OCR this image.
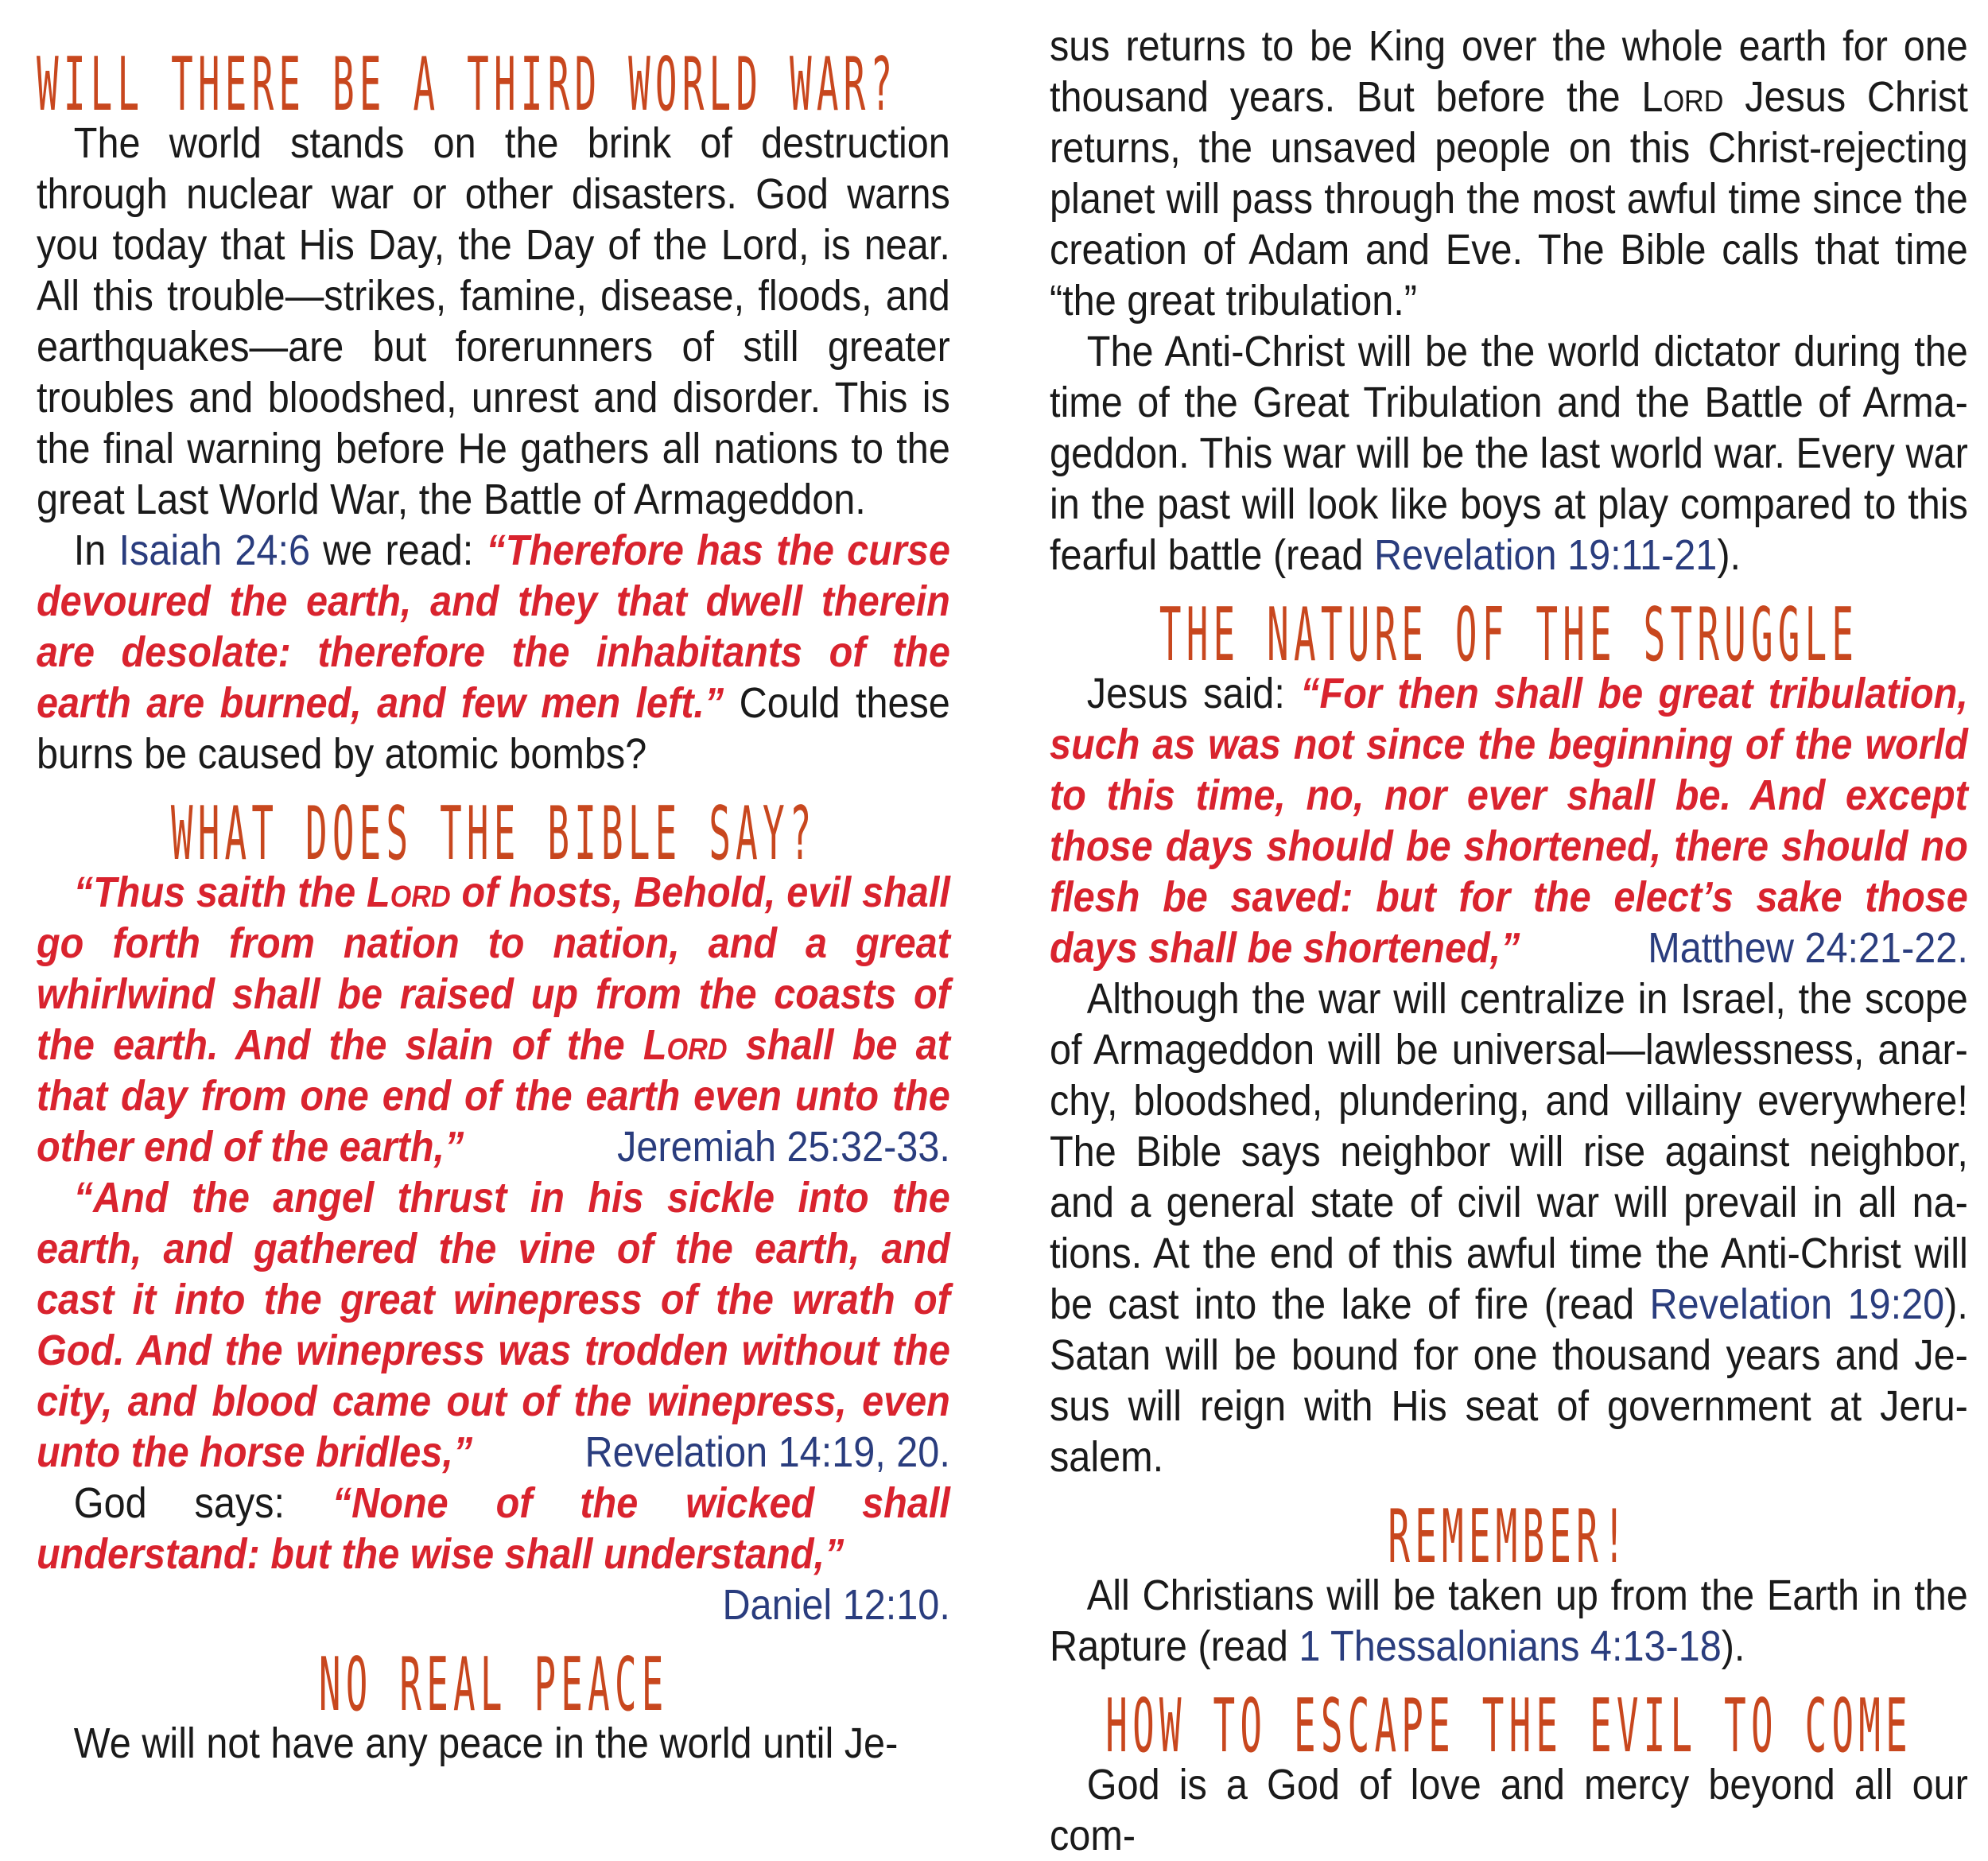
WILL THERE BE A THIRD WORLD WAR?

The world stands on the brink of destruction through nuclear war or other disasters. God warns you today that His Day, the Day of the Lord, is near. All this trouble—strikes, famine, disease, floods, and earthquakes—are but forerunners of still greater troubles and bloodshed, unrest and disorder. This is the final warning before He gathers all nations to the great Last World War, the Battle of Armageddon.

In Isaiah 24:6 we read: “Therefore has the curse devoured the earth, and they that dwell therein are desolate: therefore the inhabitants of the earth are burned, and few men left.” Could these burns be caused by atomic bombs?

WHAT DOES THE BIBLE SAY?

“Thus saith the Lord of hosts, Behold, evil shall go forth from nation to nation, and a great whirlwind shall be raised up from the coasts of the earth. And the slain of the Lord shall be at that day from one end of the earth even unto the other end of the earth,”	Jeremiah 25:32-33.

“And the angel thrust in his sickle into the earth, and gathered the vine of the earth, and cast it into the great winepress of the wrath of God. And the winepress was trodden without the city, and blood came out of the winepress, even unto the horse bridles,”	Revelation 14:19, 20.

God says: “None of the wicked shall understand: but the wise shall understand,”

Daniel 12:10.

NO REAL PEACE

We will not have any peace in the world until Je-

sus returns to be King over the whole earth for one thousand years. But before the Lord Jesus Christ returns, the unsaved people on this Christ-rejecting planet will pass through the most awful time since the creation of Adam and Eve. The Bible calls that time “the great tribulation.”

The Anti-Christ will be the world dictator during the time of the Great Tribulation and the Battle of Arma-geddon. This war will be the last world war. Every war in the past will look like boys at play compared to this fearful battle (read Revelation 19:11-21).

THE NATURE OF THE STRUGGLE

Jesus said: “For then shall be great tribulation, such as was not since the beginning of the world to this time, no, nor ever shall be. And except those days should be shortened, there should no flesh be saved: but for the elect’s sake those days shall be shortened,”	Matthew 24:21-22.

Although the war will centralize in Israel, the scope of Armageddon will be universal—lawlessness, anar-chy, bloodshed, plundering, and villainy everywhere! The Bible says neighbor will rise against neighbor, and a general state of civil war will prevail in all na-tions. At the end of this awful time the Anti-Christ will be cast into the lake of fire (read Revelation 19:20). Satan will be bound for one thousand years and Je-sus will reign with His seat of government at Jeru-salem.

REMEMBER!

All Christians will be taken up from the Earth in the Rapture (read 1 Thessalonians 4:13-18).

HOW TO ESCAPE THE EVIL TO COME

God is a God of love and mercy beyond all our com-
